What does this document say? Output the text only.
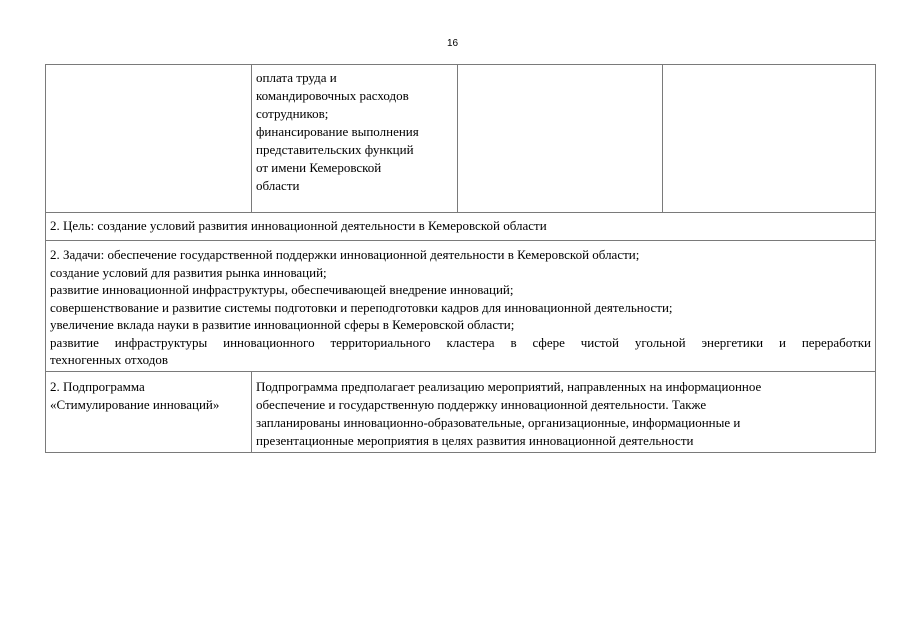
16
оплата труда и
командировочных расходов
сотрудников;
финансирование выполнения
представительских функций
от имени Кемеровской
области
2. Цель: создание условий развития инновационной деятельности в Кемеровской области
2. Задачи: обеспечение государственной поддержки инновационной деятельности в Кемеровской области;
создание условий для развития рынка инноваций;
развитие инновационной инфраструктуры, обеспечивающей внедрение инноваций;
совершенствование и развитие системы подготовки и переподготовки кадров для инновационной деятельности;
увеличение вклада науки в развитие инновационной сферы в Кемеровской области;
развитие инфраструктуры инновационного территориального кластера в сфере чистой угольной энергетики и переработки
техногенных отходов
2. Подпрограмма
«Стимулирование инноваций»
Подпрограмма предполагает реализацию мероприятий, направленных на информационное
обеспечение и государственную поддержку инновационной деятельности. Также
запланированы инновационно-образовательные, организационные, информационные и
презентационные мероприятия в целях развития инновационной деятельности
